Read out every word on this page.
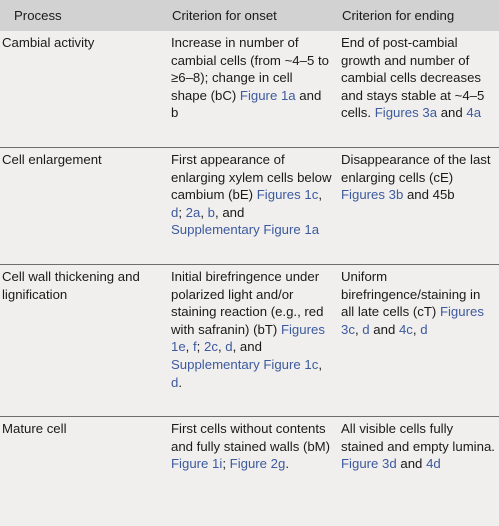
Process	Criterion for onset	Criterion for ending
Cambial activity	Increase in number of cambial cells (from ~4–5 to ≥6–8); change in cell shape (bC) Figure 1a and b	End of post-cambial growth and number of cambial cells decreases and stays stable at ~4–5 cells. Figures 3a and 4a
Cell enlargement	First appearance of enlarging xylem cells below cambium (bE) Figures 1c, d; 2a, b, and Supplementary Figure 1a	Disappearance of the last enlarging cells (cE) Figures 3b and 45b
Cell wall thickening and lignification	Initial birefringence under polarized light and/or staining reaction (e.g., red with safranin) (bT) Figures 1e, f; 2c, d, and Supplementary Figure 1c, d.	Uniform birefringence/staining in all late cells (cT) Figures 3c, d and 4c, d
Mature cell	First cells without contents and fully stained walls (bM) Figure 1i; Figure 2g.	All visible cells fully stained and empty lumina. Figure 3d and 4d
